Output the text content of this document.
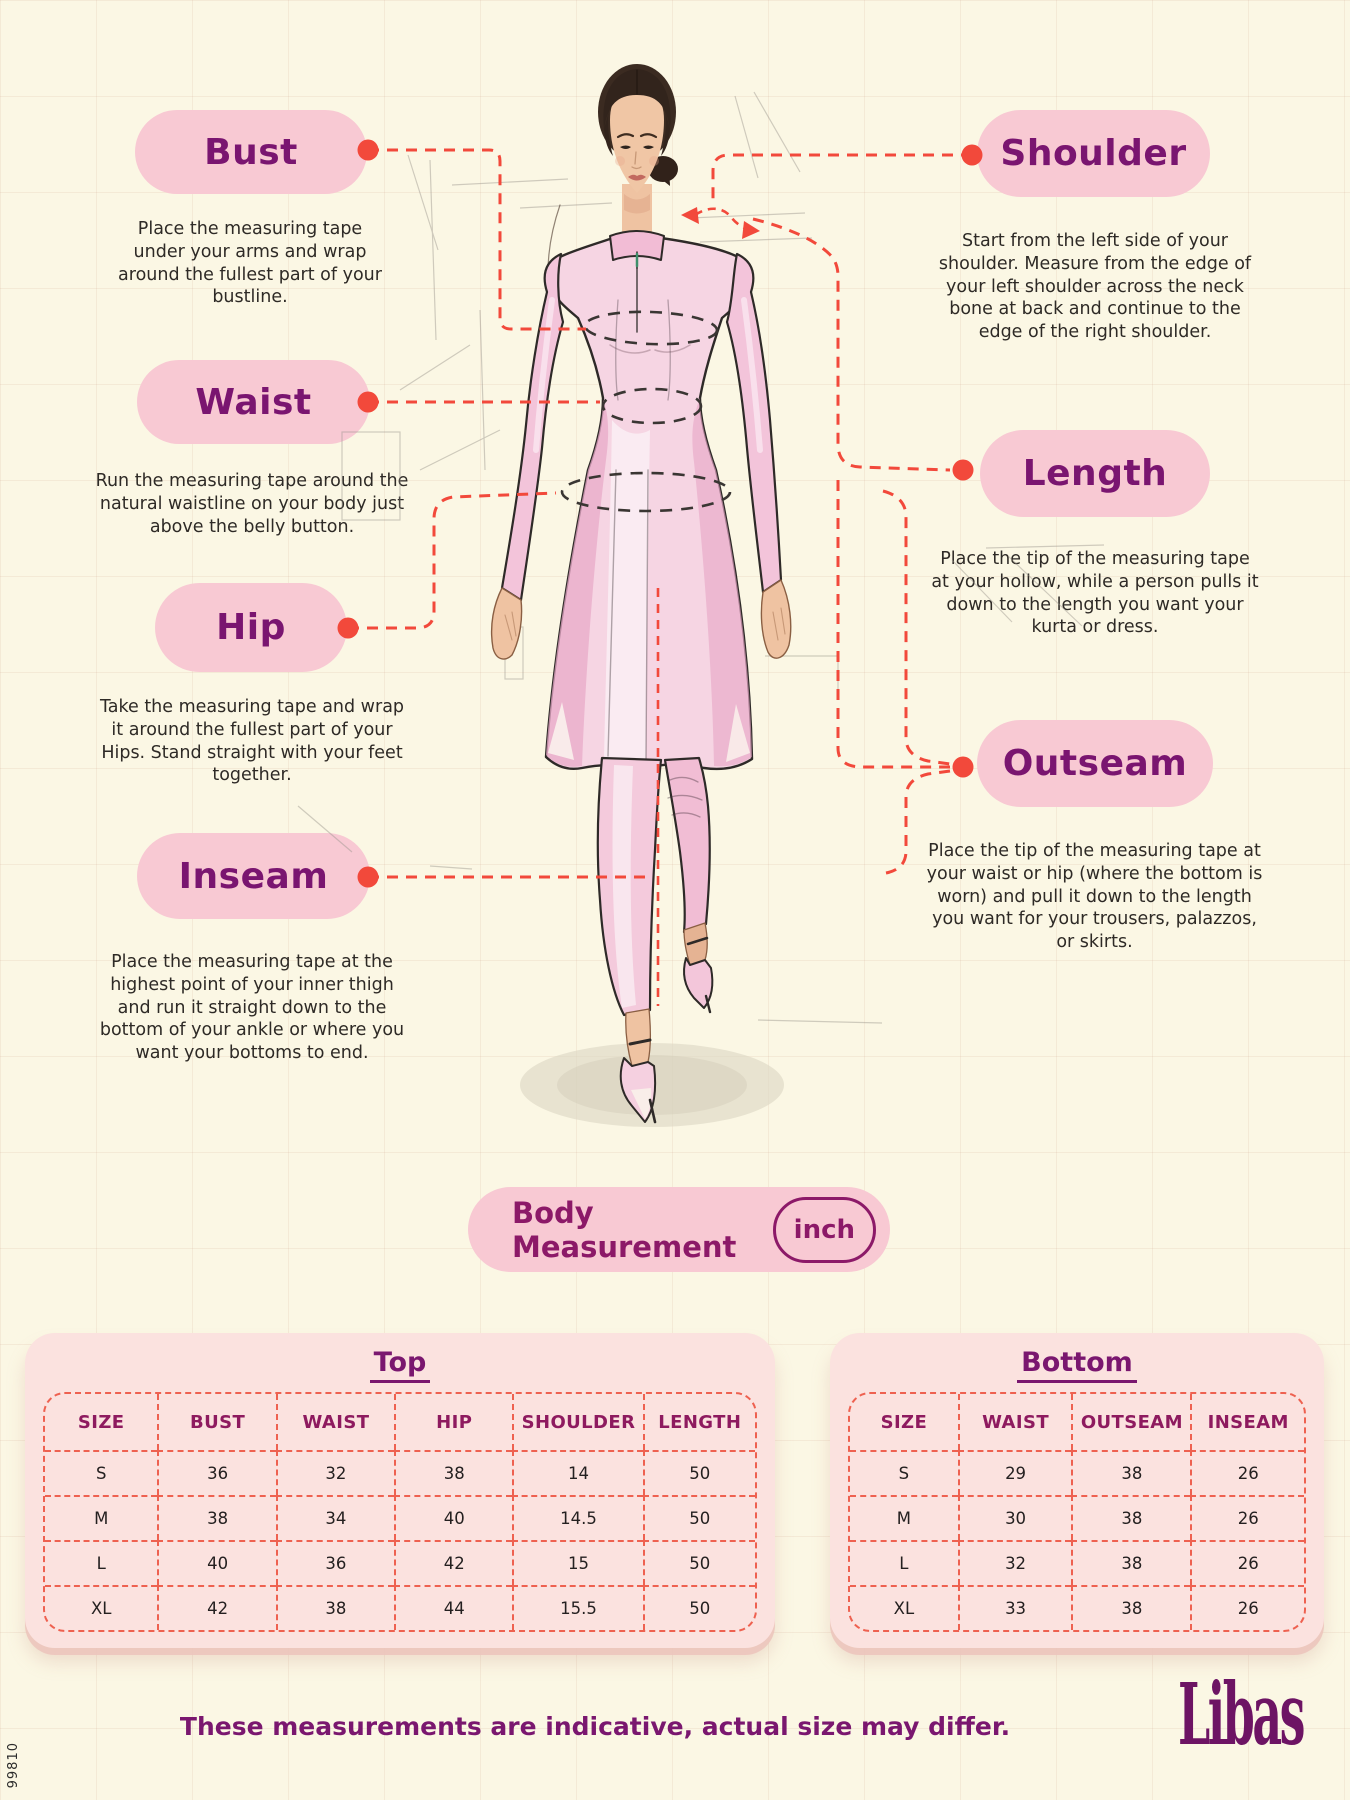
Bust
Waist
Hip
Inseam
Shoulder
Length
Outseam
Place the measuring tape under your arms and wrap around the fullest part of your bustline.
Run the measuring tape around the natural waistline on your body just above the belly button.
Take the measuring tape and wrap it around the fullest part of your Hips. Stand straight with your feet together.
Place the measuring tape at the highest point of your inner thigh and run it straight down to the bottom of your ankle or where you want your bottoms to end.
Start from the left side of your shoulder. Measure from the edge of your left shoulder across the neck bone at back and continue to the edge of the right shoulder.
Place the tip of the measuring tape at your hollow, while a person pulls it down to the length you want your kurta or dress.
Place the tip of the measuring tape at your waist or hip (where the bottom is worn) and pull it down to the length you want for your trousers, palazzos, or skirts.
Body Measurement	inch
Top
SIZE	BUST	WAIST	HIP	SHOULDER	LENGTH
S	36	32	38	14	50
M	38	34	40	14.5	50
L	40	36	42	15	50
XL	42	38	44	15.5	50
Bottom
SIZE	WAIST	OUTSEAM	INSEAM
S	29	38	26
M	30	38	26
L	32	38	26
XL	33	38	26
These measurements are indicative, actual size may differ. Libas
99810
